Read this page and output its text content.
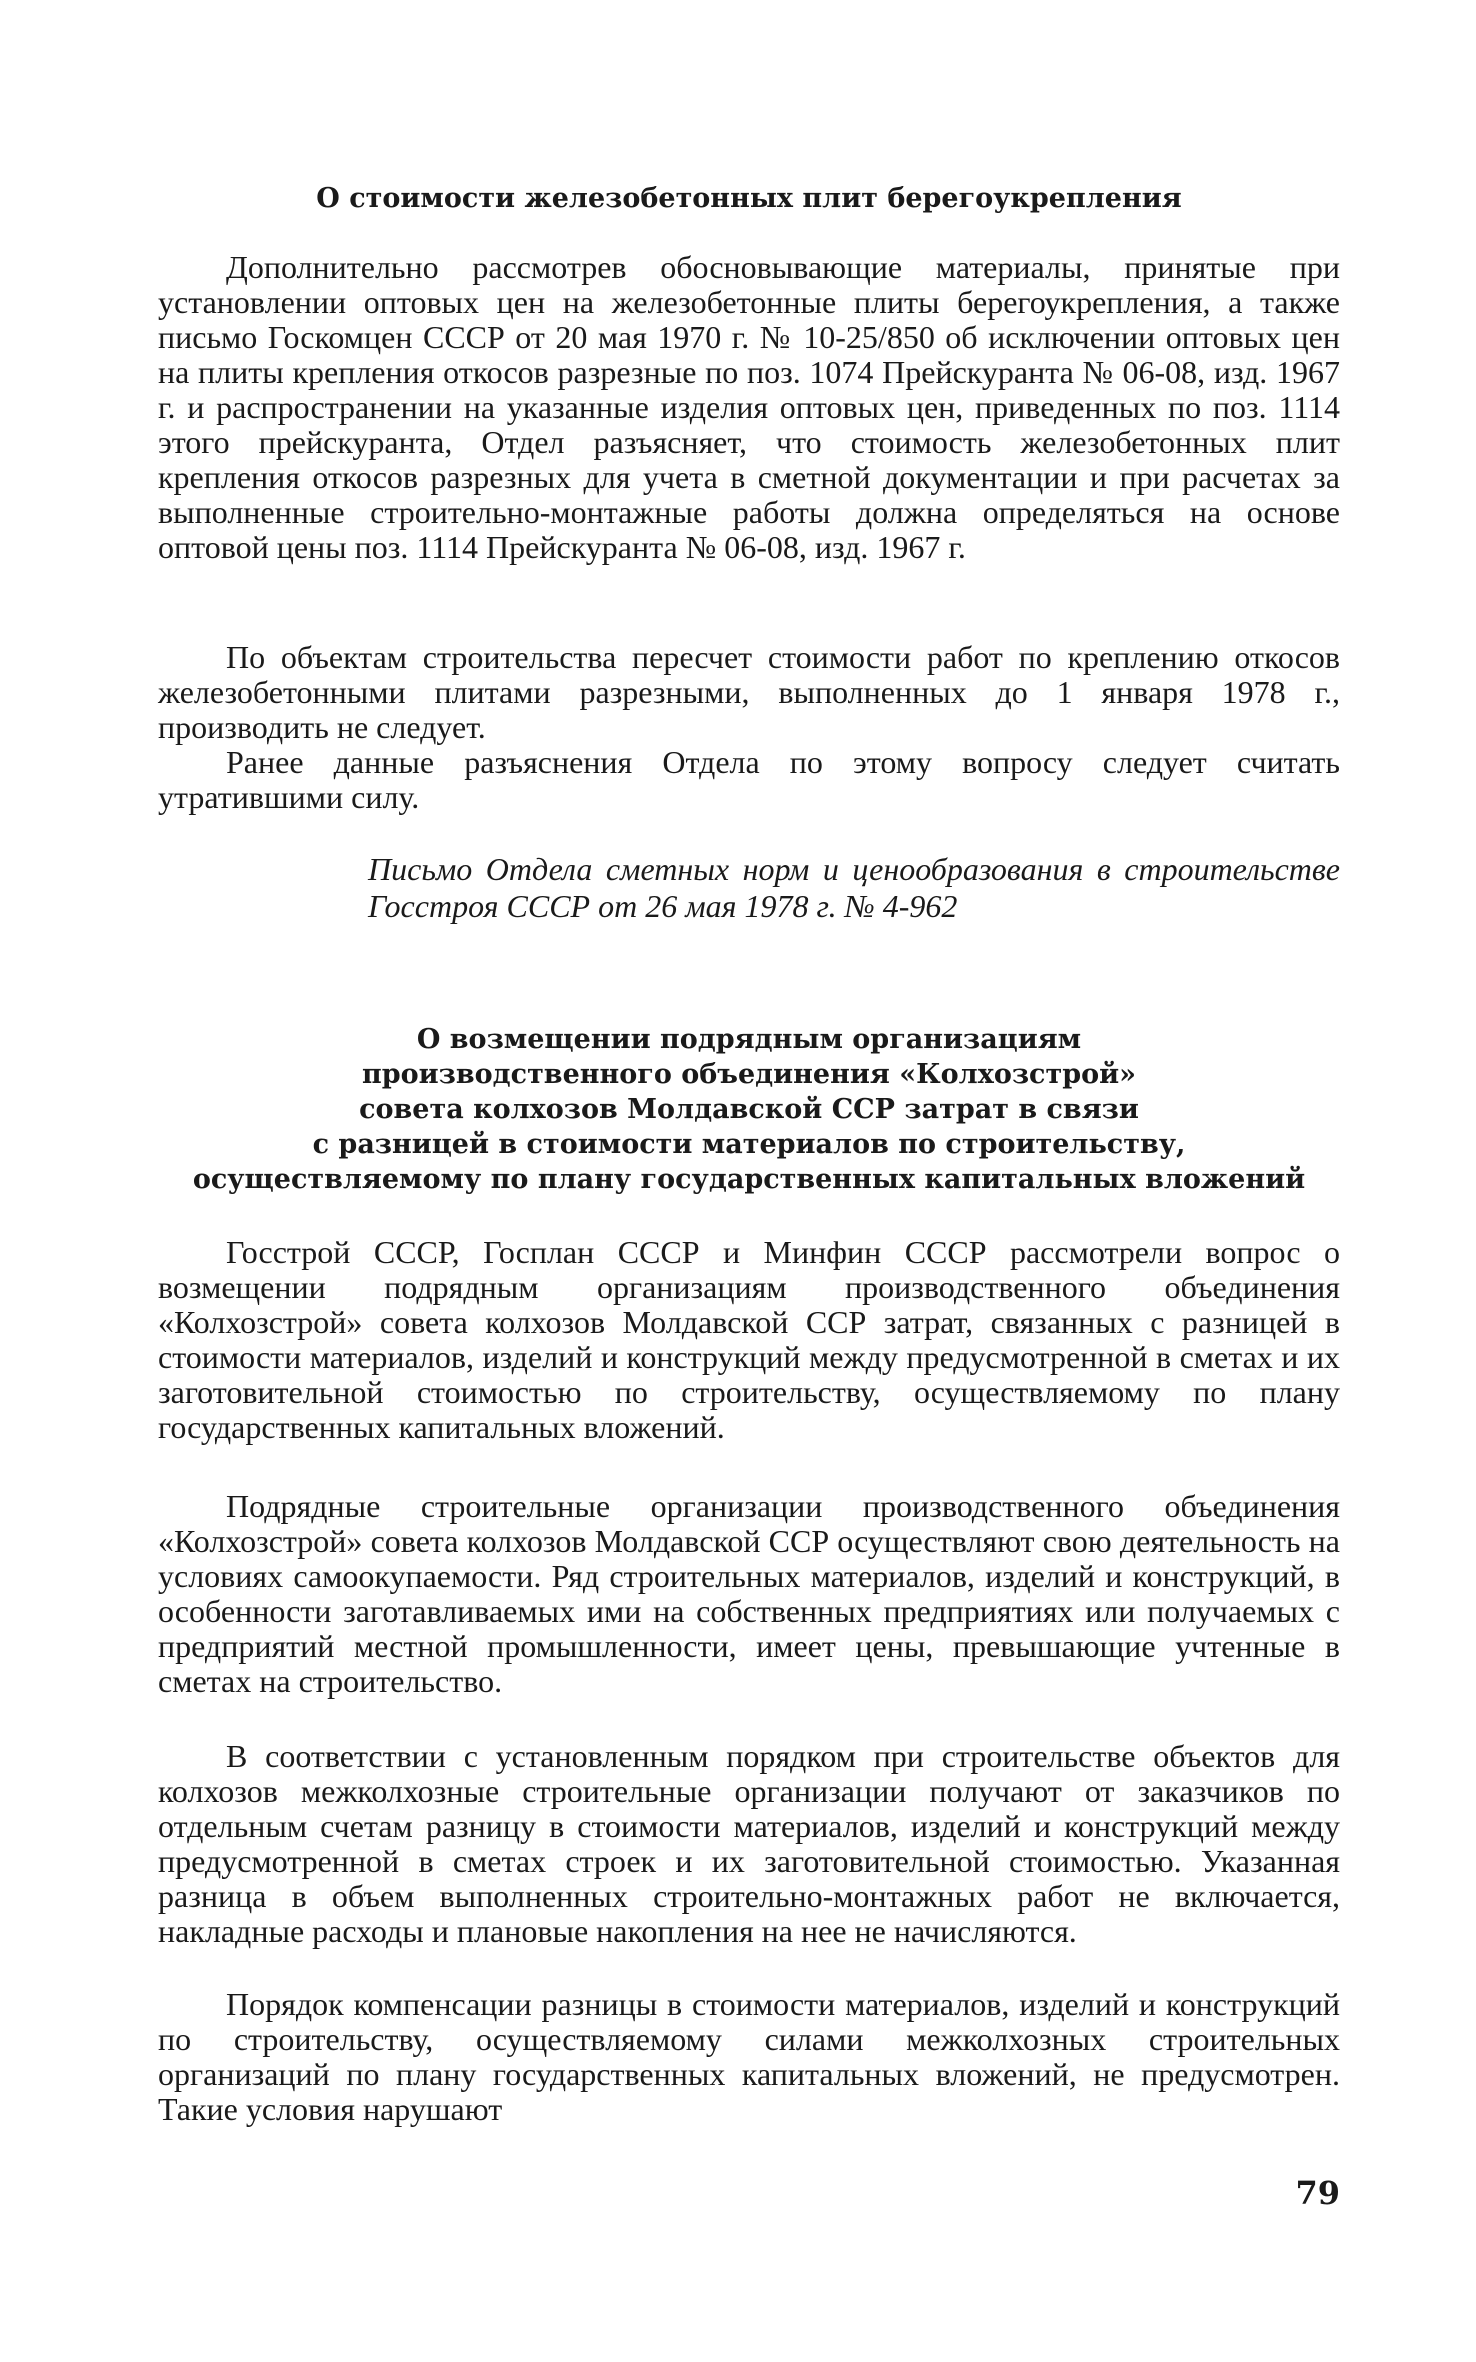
О стоимости железобетонных плит берегоукрепления

Дополнительно рассмотрев обосновывающие материалы, принятые при установлении оптовых цен на железобетонные плиты берегоукрепления, а также письмо Госкомцен СССР от 20 мая 1970 г. № 10-25/850 об исключении оптовых цен на плиты крепления откосов разрезные по поз. 1074 Прейскуранта № 06-08, изд. 1967 г. и распространении на указанные изделия оптовых цен, приведенных по поз. 1114 этого прейскуранта, Отдел разъясняет, что стоимость железобетонных плит крепления откосов разрезных для учета в сметной документации и при расчетах за выполненные строительно-монтажные работы должна определяться на основе оптовой цены поз. 1114 Прейскуранта № 06-08, изд. 1967 г.

По объектам строительства пересчет стоимости работ по креплению откосов железобетонными плитами разрезными, выполненных до 1 января 1978 г., производить не следует.

Ранее данные разъяснения Отдела по этому вопросу следует считать утратившими силу.

Письмо Отдела сметных норм и ценообразования в строительстве Госстроя СССР от 26 мая 1978 г. № 4-962

О возмещении подрядным организациям
производственного объединения «Колхозстрой»
совета колхозов Молдавской ССР затрат в связи
с разницей в стоимости материалов по строительству,
осуществляемому по плану государственных капитальных вложений

Госстрой СССР, Госплан СССР и Минфин СССР рассмотрели вопрос о возмещении подрядным организациям производственного объединения «Колхозстрой» совета колхозов Молдавской ССР затрат, связанных с разницей в стоимости материалов, изделий и конструкций между предусмотренной в сметах и их заготовительной стоимостью по строительству, осуществляемому по плану государственных капитальных вложений.

Подрядные строительные организации производственного объединения «Колхозстрой» совета колхозов Молдавской ССР осуществляют свою деятельность на условиях самоокупаемости. Ряд строительных материалов, изделий и конструкций, в особенности заготавливаемых ими на собственных предприятиях или получаемых с предприятий местной промышленности, имеет цены, превышающие учтенные в сметах на строительство.

В соответствии с установленным порядком при строительстве объектов для колхозов межколхозные строительные организации получают от заказчиков по отдельным счетам разницу в стоимости материалов, изделий и конструкций между предусмотренной в сметах строек и их заготовительной стоимостью. Указанная разница в объем выполненных строительно-монтажных работ не включается, накладные расходы и плановые накопления на нее не начисляются.

Порядок компенсации разницы в стоимости материалов, изделий и конструкций по строительству, осуществляемому силами межколхозных строительных организаций по плану государственных капитальных вложений, не предусмотрен. Такие условия нарушают

79
